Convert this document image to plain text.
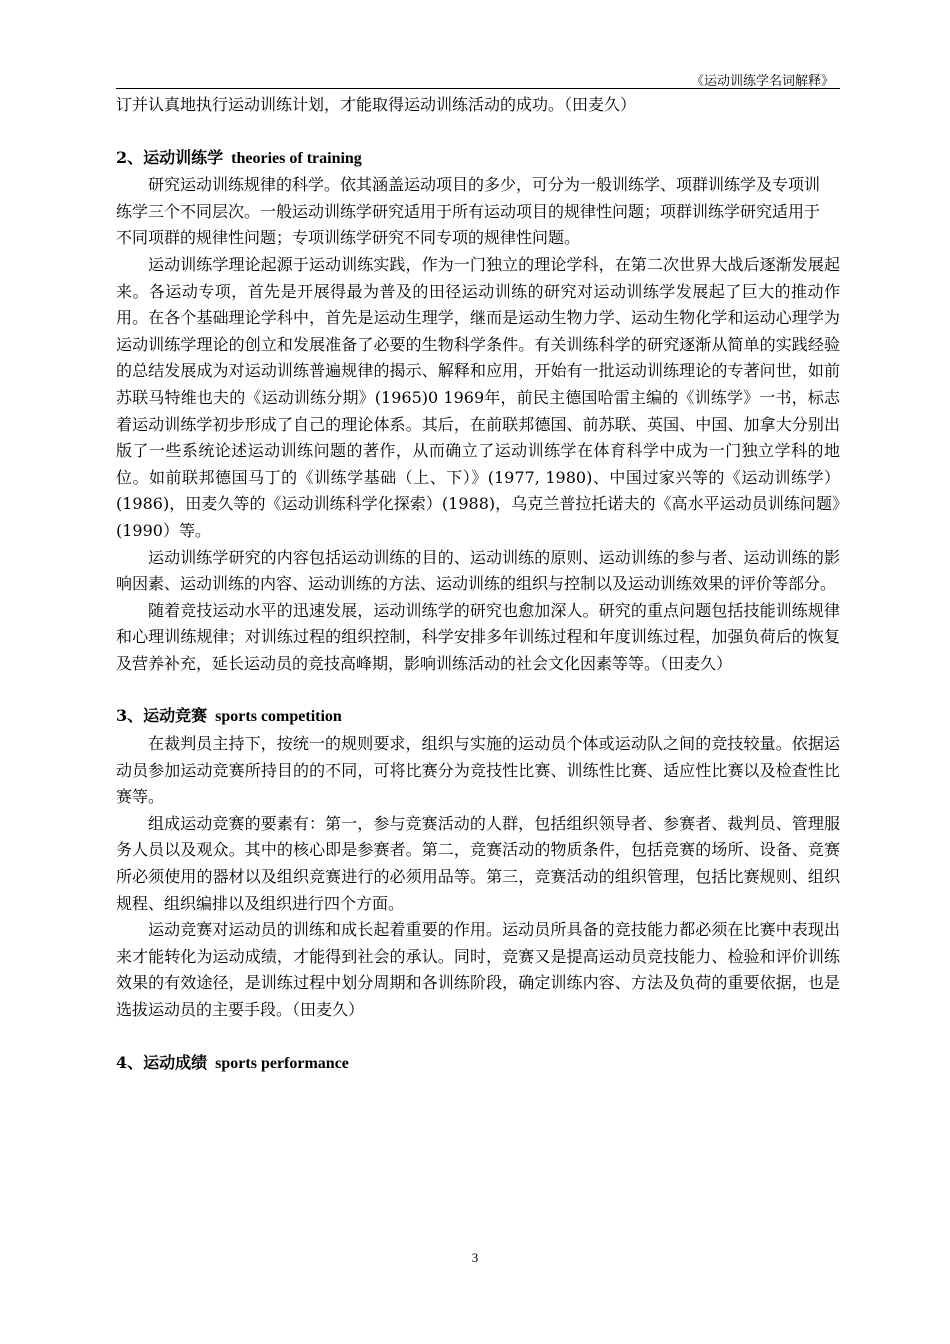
《运动训练学名词解释》

订并认真地执行运动训练计划，才能取得运动训练活动的成功。（田麦久）

2、运动训练学 theories of training

研究运动训练规律的科学。依其涵盖运动项目的多少，可分为一般训练学、项群训练学及专项训练学三个不同层次。一般运动训练学研究适用于所有运动项目的规律性问题；项群训练学研究适用于不同项群的规律性问题；专项训练学研究不同专项的规律性问题。

运动训练学理论起源于运动训练实践，作为一门独立的理论学科，在第二次世界大战后逐渐发展起来。各运动专项，首先是开展得最为普及的田径运动训练的研究对运动训练学发展起了巨大的推动作用。在各个基础理论学科中，首先是运动生理学，继而是运动生物力学、运动生物化学和运动心理学为运动训练学理论的创立和发展准备了必要的生物科学条件。有关训练科学的研究逐渐从简单的实践经验的总结发展成为对运动训练普遍规律的揭示、解释和应用，开始有一批运动训练理论的专著问世，如前苏联马特维也夫的《运动训练分期》(1965)0 1969年，前民主德国哈雷主编的《训练学》一书，标志着运动训练学初步形成了自己的理论体系。其后，在前联邦德国、前苏联、英国、中国、加拿大分别出版了一些系统论述运动训练问题的著作，从而确立了运动训练学在体育科学中成为一门独立学科的地位。如前联邦德国马丁的《训练学基础（上、下）》(1977, 1980)、中国过家兴等的《运动训练学）(1986)，田麦久等的《运动训练科学化探索）(1988)，乌克兰普拉托诺夫的《高水平运动员训练问题》(1990）等。

运动训练学研究的内容包括运动训练的目的、运动训练的原则、运动训练的参与者、运动训练的影响因素、运动训练的内容、运动训练的方法、运动训练的组织与控制以及运动训练效果的评价等部分。

随着竞技运动水平的迅速发展，运动训练学的研究也愈加深人。研究的重点问题包括技能训练规律和心理训练规律；对训练过程的组织控制，科学安排多年训练过程和年度训练过程，加强负荷后的恢复及营养补充，延长运动员的竞技高峰期，影响训练活动的社会文化因素等等。（田麦久）

3、运动竞赛 sports competition

在裁判员主持下，按统一的规则要求，组织与实施的运动员个体或运动队之间的竞技较量。依据运动员参加运动竞赛所持目的的不同，可将比赛分为竞技性比赛、训练性比赛、适应性比赛以及检查性比赛等。

组成运动竞赛的要素有：第一，参与竞赛活动的人群，包括组织领导者、参赛者、裁判员、管理服务人员以及观众。其中的核心即是参赛者。第二，竞赛活动的物质条件，包括竞赛的场所、设备、竞赛所必须使用的器材以及组织竞赛进行的必须用品等。第三，竞赛活动的组织管理，包括比赛规则、组织规程、组织编排以及组织进行四个方面。

运动竞赛对运动员的训练和成长起着重要的作用。运动员所具备的竞技能力都必须在比赛中表现出来才能转化为运动成绩，才能得到社会的承认。同时，竞赛又是提高运动员竞技能力、检验和评价训练效果的有效途径，是训练过程中划分周期和各训练阶段，确定训练内容、方法及负荷的重要依据，也是选拔运动员的主要手段。（田麦久）

4、运动成绩 sports performance

3
